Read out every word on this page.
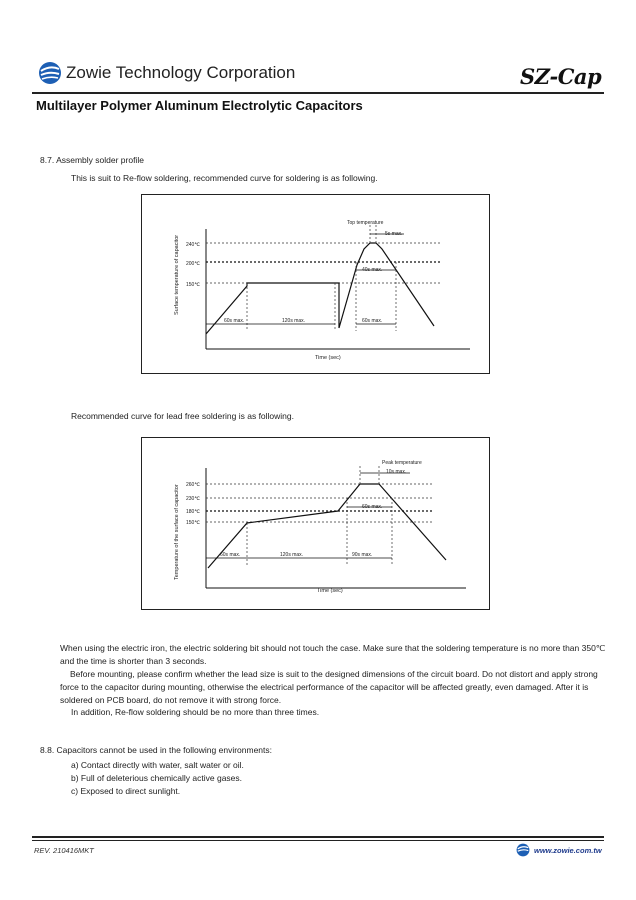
Zowie Technology Corporation	SZ-Cap
Multilayer Polymer Aluminum Electrolytic Capacitors
8.7. Assembly solder profile
This is suit to Re-flow soldering, recommended curve for soldering is as following.
240℃
200℃
150℃
Top temperature
5s max.
40s max.
60s max.	120s max.	60s max.
Time (sec)
Surface temperature of capacitor
Recommended curve for lead free soldering is as following.
260℃
230℃
180℃
150℃
Peak temperature
10s max.
60s max.
60s max.	120s max.	90s max.
Time (sec)
Temperature of the surface of capacitor
When using the electric iron, the electric soldering bit should not touch the case. Make sure that the soldering temperature is no more than 350℃ and the time is shorter than 3 seconds.
Before mounting, please confirm whether the lead size is suit to the designed dimensions of the circuit board. Do not distort and apply strong force to the capacitor during mounting, otherwise the electrical performance of the capacitor will be affected greatly, even damaged. After it is soldered on PCB board, do not remove it with strong force.
In addition, Re-flow soldering should be no more than three times.
8.8. Capacitors cannot be used in the following environments:
a) Contact directly with water, salt water or oil.
b) Full of deleterious chemically active gases.
c) Exposed to direct sunlight.
REV. 210416MKT	www.zowie.com.tw
